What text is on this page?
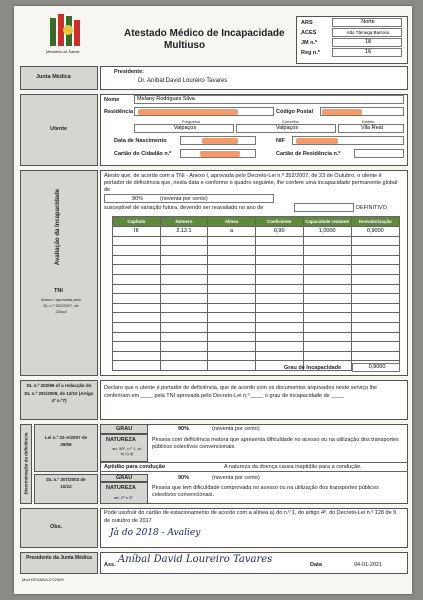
Ministério da Saúde
Atestado Médico de Incapacidade
Multiuso
ARS	Norte
ACES	Alto Tâmega Barroso
JM n.º	18
Reg n.º	16
Junta Médica
Presidente:
Dr. Aníbal David Loureiro Tavares
Utente
Nome	Melany Rodrigues Silva
Residência	Código Postal
Freguesia	Concelho	Distrito
Valpaços	Valpaços	Vila Real
Data de Nascimento	NIF
Cartão do Cidadão n.º	Cartão de Residência n.º
Avaliação da Incapacidade
TNI
Anexo I aprovada pelo DL n.º 352/2007, de 23/out
Atesto que, de acordo com a TNI - Anexo I, aprovada pelo Decreto-Lei n.º 352/2007, de 23 de Outubro, o utente é portador de deficiência que, nesta data e conforme o quadro seguinte, lhe confere uma incapacidade permanente global de
90%	(noventa por cento)
susceptível de variação futura, devendo ser reavaliado no ano de	DEFINITIVO
Capítulo	Número	Alínea	Coeficiente	Capacidade restante	Desvalorização
III	2.12.1	a	0,90	1,0000	0,9000

Grau de Incapacidade	0,9000
DL n.º 202/96 of a redacção do DL n.º 291/2009, de 12/10 (Artigo 4º n.º7)
Declaro que o utente é portador de deficiência, que de acordo com os documentos arquivados neste serviço lhe conferiram em ____ pela TNI aprovada pelo Decreto-Lei n.º ____ o grau de incapacidade de ____
Discriminação da deficiência	Lei n.º 22-A/2007 de 29/06
DL n.º 307/2003 de 10/12
GRAU	90%	(noventa por cento)
NATUREZA
art. 50º, n.º 1, al. b) c) d)
Pessoa com deficiência motora que apresenta dificuldade no acesso ou na utilização dos transportes públicos colectivos convencionais.
Aptidão para condução	A natureza da doença causa inaptidão para a condução.
GRAU	90%	(noventa por cento)
NATUREZA
art. 2º e 3º
Pessoa que tem dificuldade comprovada no acesso ou na utilização dos transportes públicos colectivos convencionais.
Obs.
Pode usufruir do cartão de estacionamento de acordo com a alínea a) do n.º 1, do artigo 4º, do Decreto-Lei n.º 128 de 9 de outubro de 2017
Jà do 2018 - Avaliey
Presidente da Junta Médica
Ass. Aníbal David Loureiro Tavares	Data	04-01-2021
Mod DGSADA-07/2009
